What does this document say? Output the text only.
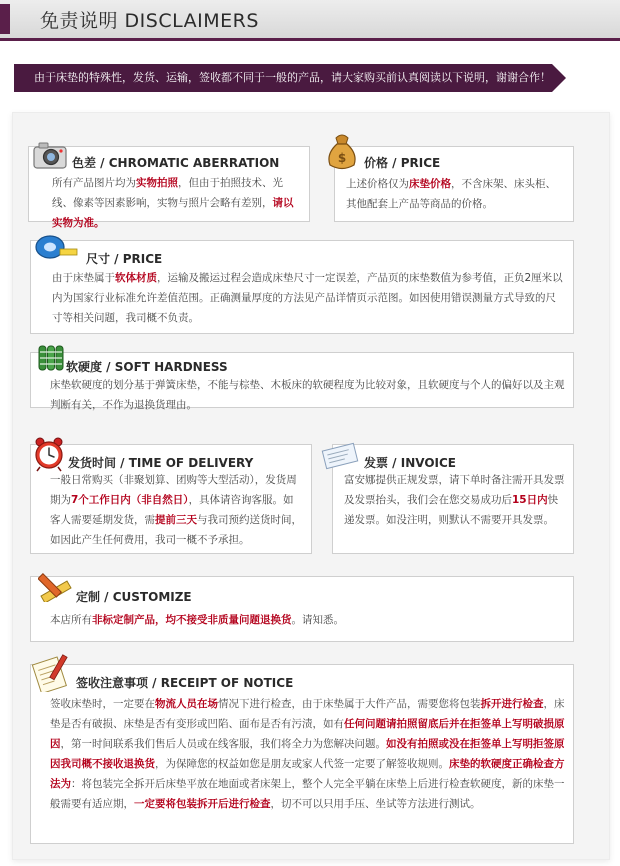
免责说明 DISCLAIMERS
由于床垫的特殊性，发货、运输，签收都不同于一般的产品，请大家购买前认真阅读以下说明，谢谢合作！
色差 / CHROMATIC ABERRATION
所有产品图片均为实物拍照，但由于拍照技术、光线、像素等因素影响，实物与照片会略有差别，请以实物为准。
$ 价格 / PRICE
上述价格仅为床垫价格，不含床架、床头柜、其他配套上产品等商品的价格。
尺寸 / PRICE
由于床垫属于软体材质，运输及搬运过程会造成床垫尺寸一定误差，产品页的床垫数值为参考值，正负2厘米以内为国家行业标准允许差值范围。正确测量厚度的方法见产品详情页示范图。如因使用错误测量方式导致的尺寸等相关问题，我司概不负责。
软硬度 / SOFT HARDNESS
床垫软硬度的划分基于弹簧床垫，不能与棕垫、木板床的软硬程度为比较对象，且软硬度与个人的偏好以及主观判断有关，不作为退换货理由。
发货时间 / TIME OF DELIVERY
一般日常购买（非聚划算、团购等大型活动），发货周期为7个工作日内（非自然日），具体请咨询客服。如客人需要延期发货，需提前三天与我司预约送货时间，如因此产生任何费用，我司一概不予承担。
发票 / INVOICE
富安娜提供正规发票，请下单时备注需开具发票及发票抬头，我们会在您交易成功后15日内快递发票。如没注明，则默认不需要开具发票。
定制 / CUSTOMIZE
本店所有非标定制产品，均不接受非质量问题退换货。请知悉。
签收注意事项 / RECEIPT OF NOTICE
签收床垫时，一定要在物流人员在场情况下进行检查，由于床垫属于大件产品，需要您将包装拆开进行检查，床垫是否有破损、床垫是否有变形或凹陷、面布是否有污渍，如有任何问题请拍照留底后并在拒签单上写明破损原因，第一时间联系我们售后人员或在线客服，我们将全力为您解决问题。如没有拍照或没在拒签单上写明拒签原因我司概不接收退换货，为保障您的权益如您是朋友或家人代签一定要了解签收规则。床垫的软硬度正确检查方法为：将包装完全拆开后床垫平放在地面或者床架上，整个人完全平躺在床垫上后进行检查软硬度，新的床垫一般需要有适应期，一定要将包装拆开后进行检查，切不可以只用手压、坐试等方法进行测试。
